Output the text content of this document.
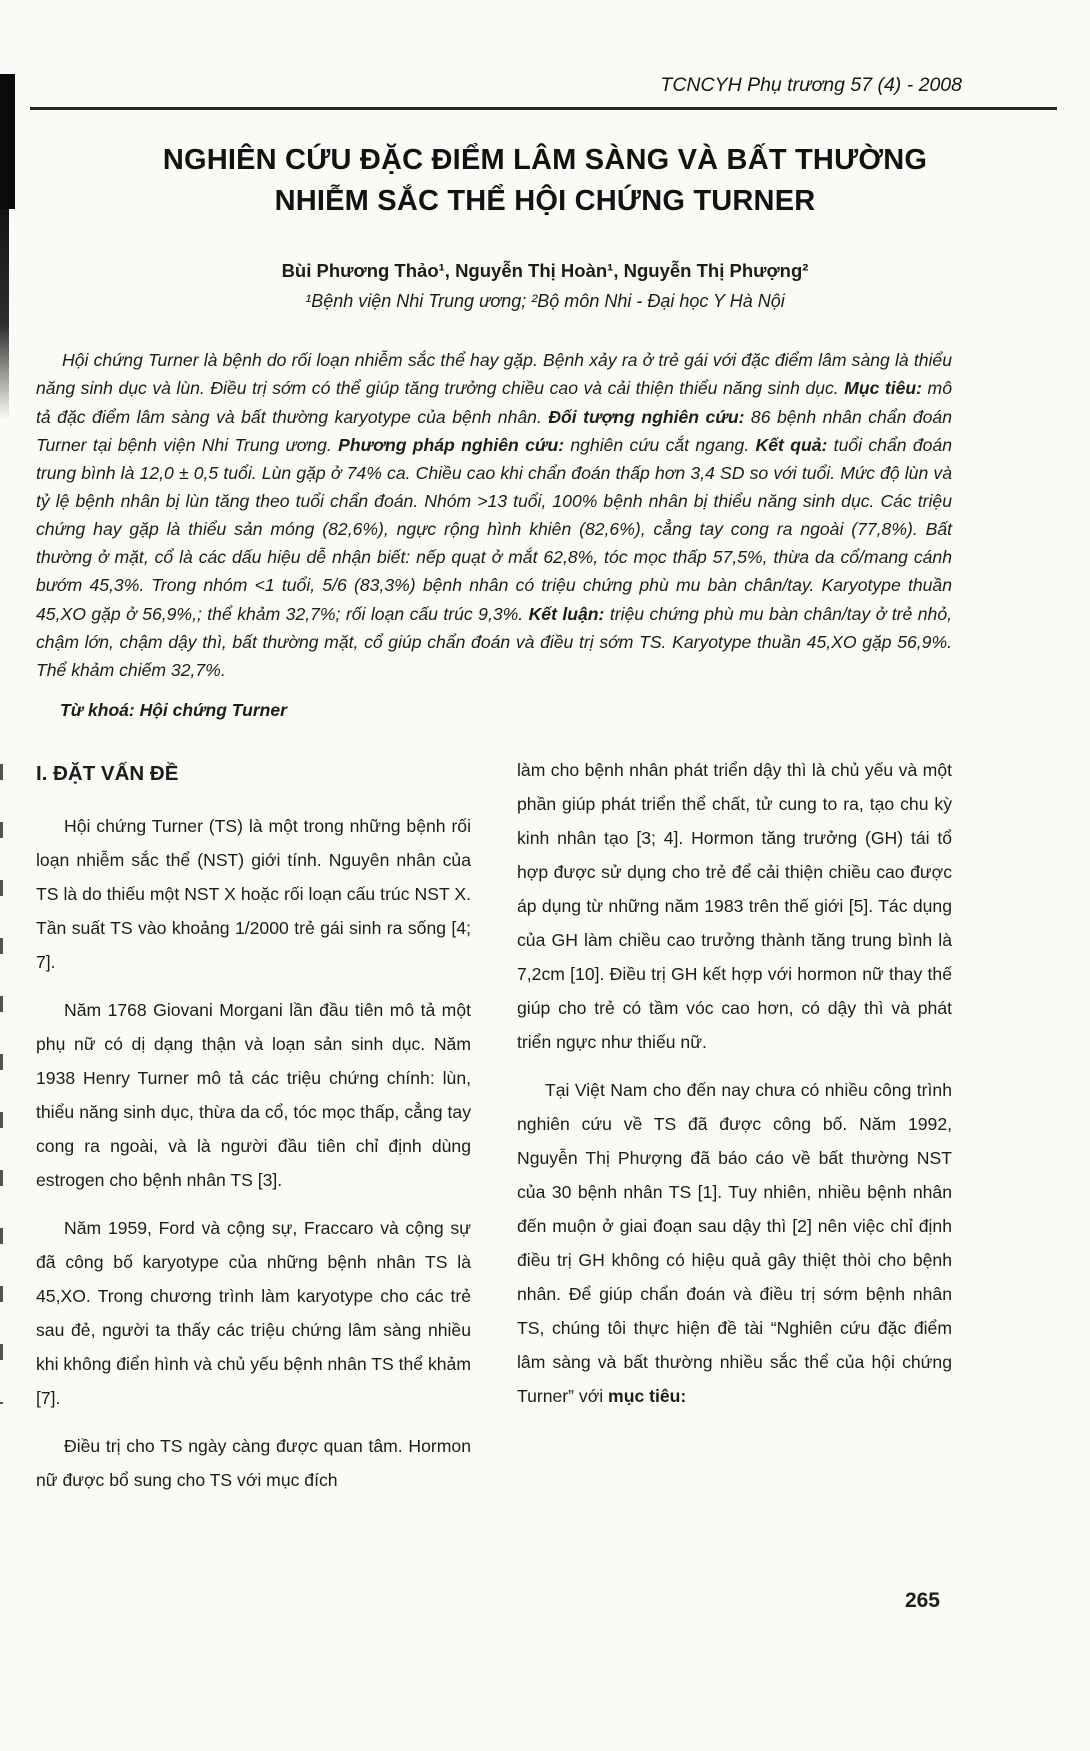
TCNCYH Phụ trương 57 (4) - 2008
NGHIÊN CỨU ĐẶC ĐIỂM LÂM SÀNG VÀ BẤT THƯỜNG
NHIỄM SẮC THỂ HỘI CHỨNG TURNER
Bùi Phương Thảo¹, Nguyễn Thị Hoàn¹, Nguyễn Thị Phượng²
¹Bệnh viện Nhi Trung ương; ²Bộ môn Nhi - Đại học Y Hà Nội

Hội chứng Turner là bệnh do rối loạn nhiễm sắc thể hay gặp. Bệnh xảy ra ở trẻ gái với đặc điểm lâm sàng là thiểu năng sinh dục và lùn. Điều trị sớm có thể giúp tăng trưởng chiều cao và cải thiện thiểu năng sinh dục. Mục tiêu: mô tả đặc điểm lâm sàng và bất thường karyotype của bệnh nhân. Đối tượng nghiên cứu: 86 bệnh nhân chẩn đoán Turner tại bệnh viện Nhi Trung ương. Phương pháp nghiên cứu: nghiên cứu cắt ngang. Kết quả: tuổi chẩn đoán trung bình là 12,0 ± 0,5 tuổi. Lùn gặp ở 74% ca. Chiều cao khi chẩn đoán thấp hơn 3,4 SD so với tuổi. Mức độ lùn và tỷ lệ bệnh nhân bị lùn tăng theo tuổi chẩn đoán. Nhóm >13 tuổi, 100% bệnh nhân bị thiểu năng sinh dục. Các triệu chứng hay gặp là thiểu sản móng (82,6%), ngực rộng hình khiên (82,6%), cẳng tay cong ra ngoài (77,8%). Bất thường ở mặt, cổ là các dấu hiệu dễ nhận biết: nếp quạt ở mắt 62,8%, tóc mọc thấp 57,5%, thừa da cổ/mang cánh bướm 45,3%. Trong nhóm <1 tuổi, 5/6 (83,3%) bệnh nhân có triệu chứng phù mu bàn chân/tay. Karyotype thuần 45,XO gặp ở 56,9%,; thể khảm 32,7%; rối loạn cấu trúc 9,3%. Kết luận: triệu chứng phù mu bàn chân/tay ở trẻ nhỏ, chậm lớn, chậm dậy thì, bất thường mặt, cổ giúp chẩn đoán và điều trị sớm TS. Karyotype thuần 45,XO gặp 56,9%. Thể khảm chiếm 32,7%.

Từ khoá: Hội chứng Turner

I. ĐẶT VẤN ĐỀ

Hội chứng Turner (TS) là một trong những bệnh rối loạn nhiễm sắc thể (NST) giới tính. Nguyên nhân của TS là do thiếu một NST X hoặc rối loạn cấu trúc NST X. Tần suất TS vào khoảng 1/2000 trẻ gái sinh ra sống [4; 7].

Năm 1768 Giovani Morgani lần đầu tiên mô tả một phụ nữ có dị dạng thận và loạn sản sinh dục. Năm 1938 Henry Turner mô tả các triệu chứng chính: lùn, thiểu năng sinh dục, thừa da cổ, tóc mọc thấp, cẳng tay cong ra ngoài, và là người đầu tiên chỉ định dùng estrogen cho bệnh nhân TS [3].

Năm 1959, Ford và cộng sự, Fraccaro và cộng sự đã công bố karyotype của những bệnh nhân TS là 45,XO. Trong chương trình làm karyotype cho các trẻ sau đẻ, người ta thấy các triệu chứng lâm sàng nhiều khi không điển hình và chủ yếu bệnh nhân TS thể khảm [7].

Điều trị cho TS ngày càng được quan tâm. Hormon nữ được bổ sung cho TS với mục đích

làm cho bệnh nhân phát triển dậy thì là chủ yếu và một phần giúp phát triển thể chất, tử cung to ra, tạo chu kỳ kinh nhân tạo [3; 4]. Hormon tăng trưởng (GH) tái tổ hợp được sử dụng cho trẻ để cải thiện chiều cao được áp dụng từ những năm 1983 trên thế giới [5]. Tác dụng của GH làm chiều cao trưởng thành tăng trung bình là 7,2cm [10]. Điều trị GH kết hợp với hormon nữ thay thế giúp cho trẻ có tầm vóc cao hơn, có dậy thì và phát triển ngực như thiếu nữ.

Tại Việt Nam cho đến nay chưa có nhiều công trình nghiên cứu về TS đã được công bố. Năm 1992, Nguyễn Thị Phượng đã báo cáo về bất thường NST của 30 bệnh nhân TS [1]. Tuy nhiên, nhiều bệnh nhân đến muộn ở giai đoạn sau dậy thì [2] nên việc chỉ định điều trị GH không có hiệu quả gây thiệt thòi cho bệnh nhân. Để giúp chẩn đoán và điều trị sớm bệnh nhân TS, chúng tôi thực hiện đề tài “Nghiên cứu đặc điểm lâm sàng và bất thường nhiều sắc thể của hội chứng Turner” với mục tiêu:

265
